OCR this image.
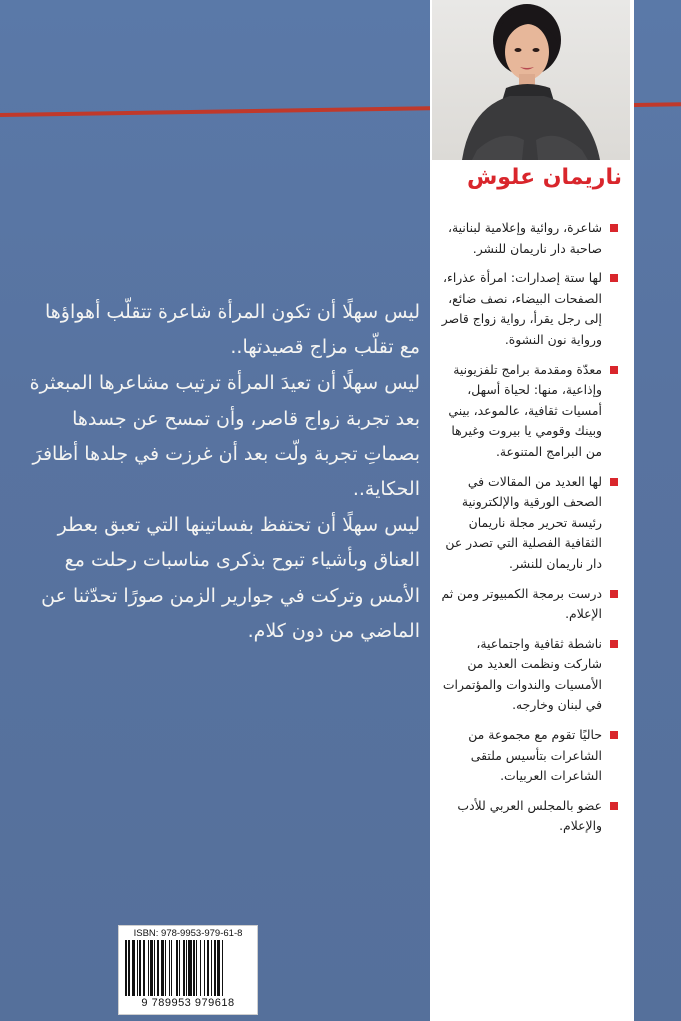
ليس سهلًا أن تكون المرأة شاعرة تتقلّب أهواؤها مع تقلّب مزاج قصيدتها..

ليس سهلًا أن تعيدَ المرأة ترتيب مشاعرها المبعثرة بعد تجربة زواج قاصر، وأن تمسح عن جسدها بصماتِ تجربة ولّت بعد أن غرزت في جلدها أظافرَ الحكاية..

ليس سهلًا أن تحتفظ بفساتينها التي تعبق بعطر العناق وبأشياء تبوح بذكرى مناسبات رحلت مع الأمس وتركت في جوارير الزمن صورًا تحدّثنا عن الماضي من دون كلام.

ناريمان علوش
شاعرة، روائية وإعلامية لبنانية، صاحبة دار ناريمان للنشر.
لها ستة إصدارات: امرأة عذراء، الصفحات البيضاء، نصف ضائع، إلى رجل يقرأ، رواية زواج قاصر ورواية نون النشوة.
معدّة ومقدمة برامج تلفزيونية وإذاعية، منها: لحياة أسهل، أمسيات ثقافية، عالموعد، بيني وبينك وقومي يا بيروت وغيرها من البرامج المتنوعة.
لها العديد من المقالات في الصحف الورقية والإلكترونية رئيسة تحرير مجلة ناريمان الثقافية الفصلية التي تصدر عن دار ناريمان للنشر.
درست برمجة الكمبيوتر ومن ثم الإعلام.
ناشطة ثقافية واجتماعية، شاركت ونظمت العديد من الأمسيات والندوات والمؤتمرات في لبنان وخارجه.
حاليًا تقوم مع مجموعة من الشاعرات بتأسيس ملتقى الشاعرات العربيات.
عضو بالمجلس العربي للأدب والإعلام.
ISBN: 978-9953-979-61-8
9 789953 979618
